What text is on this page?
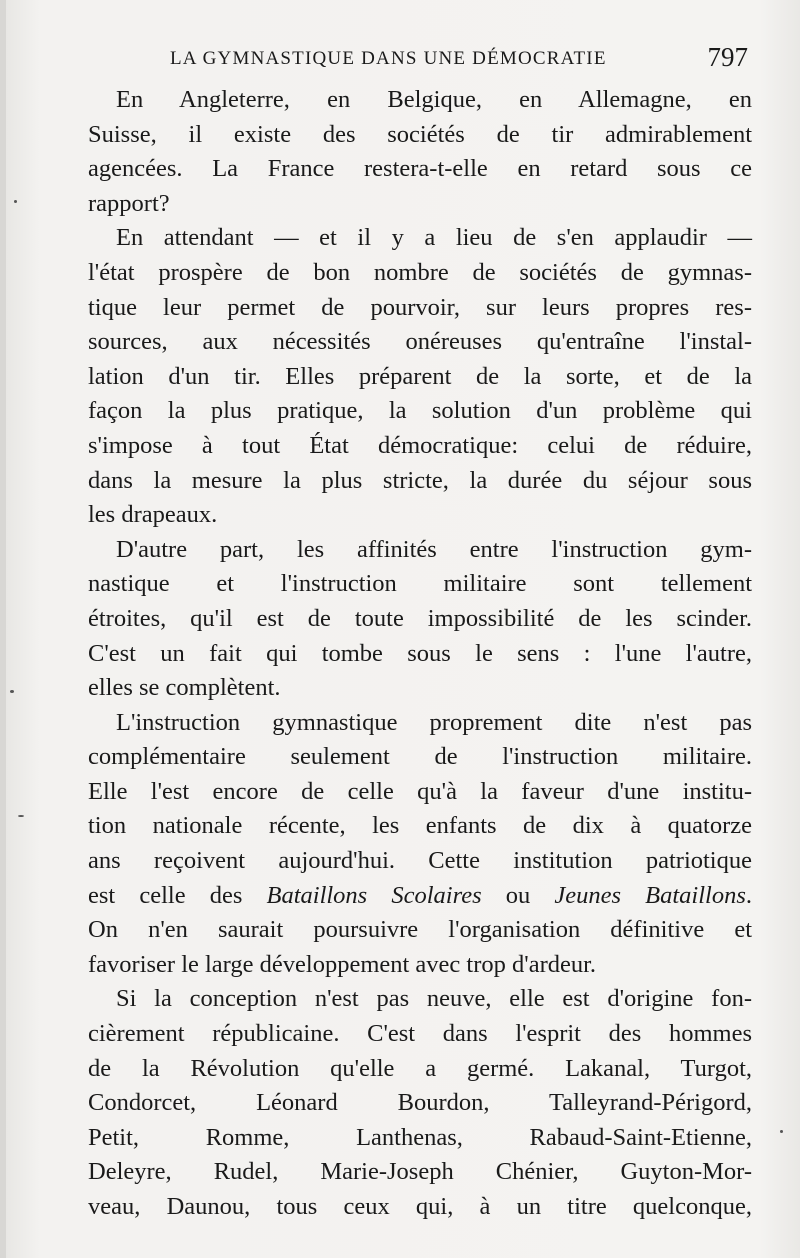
LA GYMNASTIQUE DANS UNE DÉMOCRATIE	797
En Angleterre, en Belgique, en Allemagne, en
Suisse, il existe des sociétés de tir admirablement
agencées. La France restera-t-elle en retard sous ce
rapport?
En attendant — et il y a lieu de s'en applaudir —
l'état prospère de bon nombre de sociétés de gymnas-
tique leur permet de pourvoir, sur leurs propres res-
sources, aux nécessités onéreuses qu'entraîne l'instal-
lation d'un tir. Elles préparent de la sorte, et de la
façon la plus pratique, la solution d'un problème qui
s'impose à tout État démocratique: celui de réduire,
dans la mesure la plus stricte, la durée du séjour sous
les drapeaux.
D'autre part, les affinités entre l'instruction gym-
nastique et l'instruction militaire sont tellement
étroites, qu'il est de toute impossibilité de les scinder.
C'est un fait qui tombe sous le sens : l'une l'autre,
elles se complètent.
L'instruction gymnastique proprement dite n'est pas
complémentaire seulement de l'instruction militaire.
Elle l'est encore de celle qu'à la faveur d'une institu-
tion nationale récente, les enfants de dix à quatorze
ans reçoivent aujourd'hui. Cette institution patriotique
est celle des Bataillons Scolaires ou Jeunes Bataillons.
On n'en saurait poursuivre l'organisation définitive et
favoriser le large développement avec trop d'ardeur.
Si la conception n'est pas neuve, elle est d'origine fon-
cièrement républicaine. C'est dans l'esprit des hommes
de la Révolution qu'elle a germé. Lakanal, Turgot,
Condorcet, Léonard Bourdon, Talleyrand-Périgord,
Petit, Romme, Lanthenas, Rabaud-Saint-Etienne,
Deleyre, Rudel, Marie-Joseph Chénier, Guyton-Mor-
veau, Daunou, tous ceux qui, à un titre quelconque,
